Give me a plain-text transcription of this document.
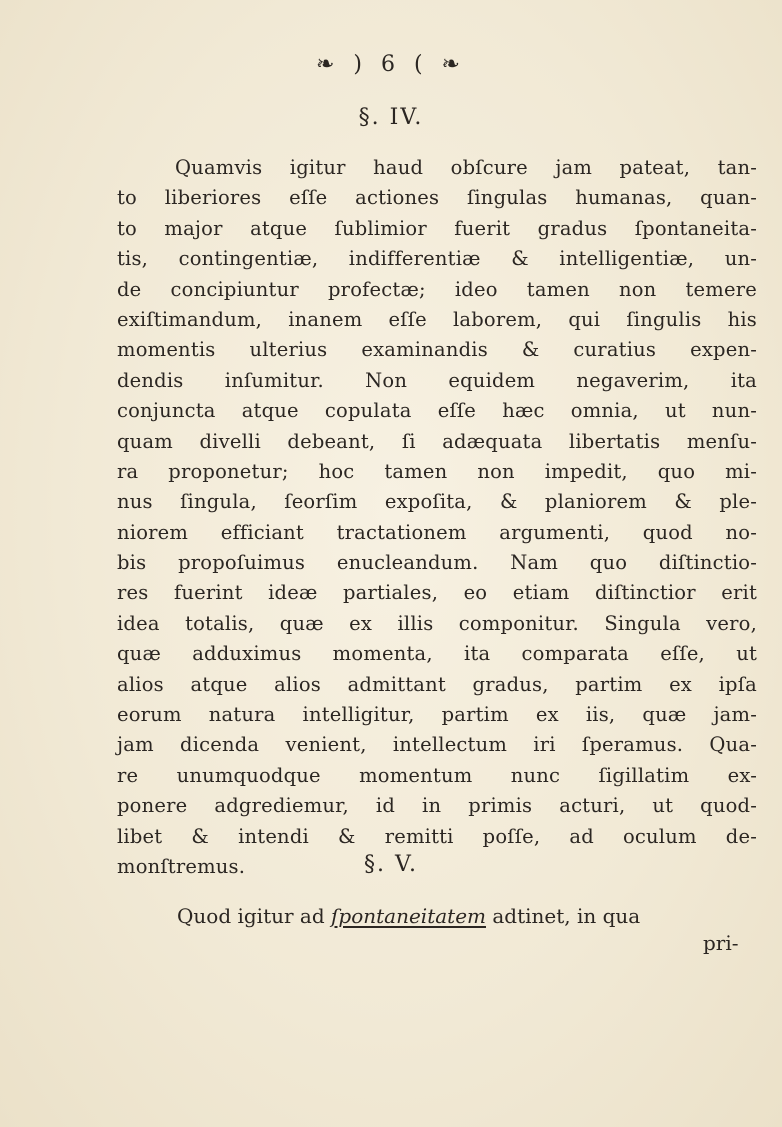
❧ ) 6 ( ❧
§. IV.
Quamvis igitur haud obſcure jam pateat, tan-
to liberiores eſſe actiones ſingulas humanas, quan-
to major atque ſublimior fuerit gradus ſpontaneita-
tis, contingentiæ, indifferentiæ & intelligentiæ, un-
de concipiuntur profectæ; ideo tamen non temere
exiſtimandum, inanem eſſe laborem, qui ſingulis his
momentis ulterius examinandis & curatius expen-
dendis inſumitur. Non equidem negaverim, ita
conjuncta atque copulata eſſe hæc omnia, ut nun-
quam divelli debeant, ſi adæquata libertatis menſu-
ra proponetur; hoc tamen non impedit, quo mi-
nus ſingula, ſeorſim expoſita, & planiorem & ple-
niorem efficiant tractationem argumenti, quod no-
bis propoſuimus enucleandum. Nam quo diſtinctio-
res fuerint ideæ partiales, eo etiam diſtinctior erit
idea totalis, quæ ex illis componitur. Singula vero,
quæ adduximus momenta, ita comparata eſſe, ut
alios atque alios admittant gradus, partim ex ipſa
eorum natura intelligitur, partim ex iis, quæ jam-
jam dicenda venient, intellectum iri ſperamus. Qua-
re unumquodque momentum nunc ſigillatim ex-
ponere adgrediemur, id in primis acturi, ut quod-
libet & intendi & remitti poſſe, ad oculum de-
monſtremus.	§. V.
Quod igitur ad ſpontaneitatem adtinet, in qua
pri-
